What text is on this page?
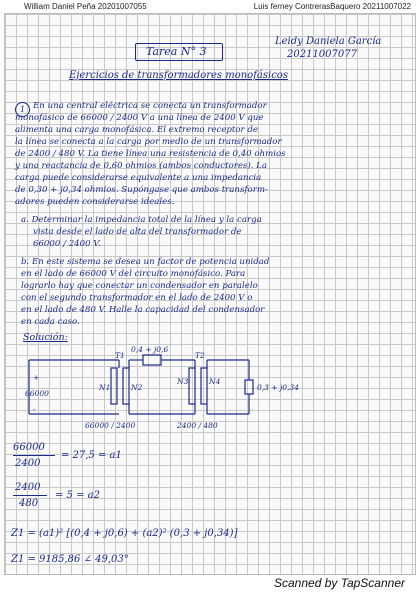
William Daniel Peña 20201007055	Luis ferney ContrerasBaquero 20211007022
Tarea N° 3
Leidy Daniela García
20211007077
Ejercicios de transformadores monofásicos
1 En una central eléctrica se conecta un transformador
monofásico de 66000 / 2400 V a una línea de 2400 V que
alimenta una carga monofásica. El extremo receptor de
la línea se conecta a la carga por medio de un transformador
de 2400 / 480 V. La tiene línea una resistencia de 0,40 ohmios
y una reactancia de 0,60 ohmios (ambos conductores). La
carga puede considerarse equivalente a una impedancia
de 0,30 + j0,34 ohmios. Supóngase que ambos transform-
adores pueden considerarse ideales.
a. Determinar la impedancia total de la línea y la carga
vista desde el lado de alta del transformador de
66000 / 2400 V.
b. En este sistema se desea un factor de potencia unidad
en el lado de 66000 V del circuito monofásico. Para
lograrlo hay que conectar un condensador en paralelo
con el segundo transformador en el lado de 2400 V o
en el lado de 480 V. Halle la capacidad del condensador
en cada caso.
Solución:
+
66000
-
0,4 + j0,6
T1	T2
N1	N2
N3	N4
0,3 + j0,34
66000 / 2400	2400 / 480
66000
2400
= 27,5 = a1
2400
480
= 5 = a2
Z1 = (a1)² [(0,4 + j0,6) + (a2)² (0,3 + j0,34)]
Z1 = 9185,86 ∠ 49,03°
Scanned by TapScanner
